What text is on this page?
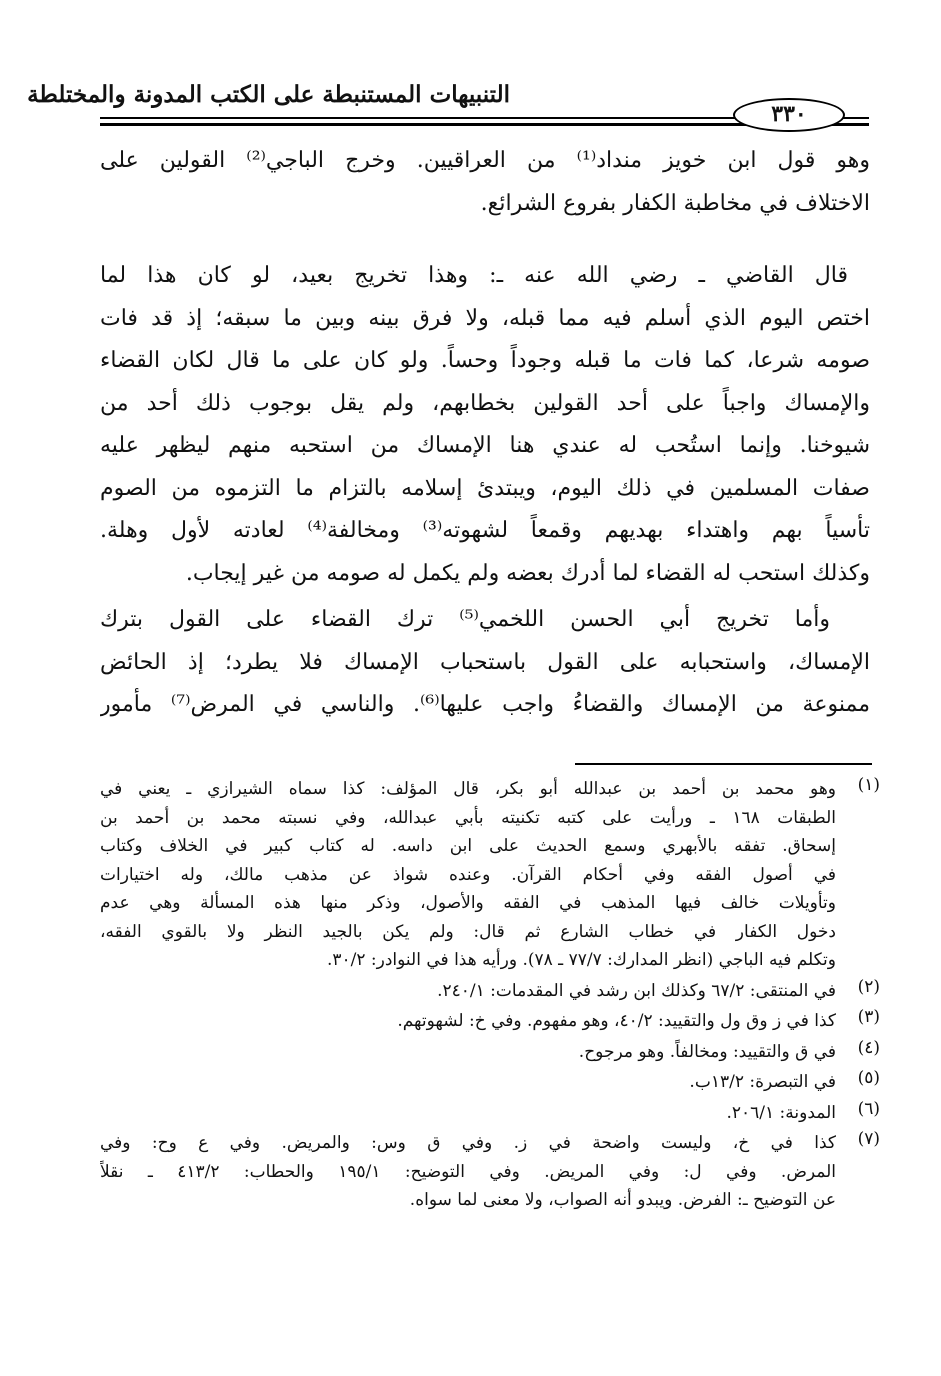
التنبيهات المستنبطة على الكتب المدونة والمختلطة
٣٣٠
وهو قول ابن خويز منداد⁽¹⁾ من العراقيين. وخرج الباجي⁽²⁾ القولين على
الاختلاف في مخاطبة الكفار بفروع الشرائع.
قال القاضي ـ رضي الله عنه ـ: وهذا تخريج بعيد، لو كان هذا لما
اختص اليوم الذي أسلم فيه مما قبله، ولا فرق بينه وبين ما سبقه؛ إذ قد فات
صومه شرعا، كما فات ما قبله وجوداً وحساً. ولو كان على ما قال لكان القضاء
والإمساك واجباً على أحد القولين بخطابهم، ولم يقل بوجوب ذلك أحد من
شيوخنا. وإنما استُحب له عندي هنا الإمساك من استحبه منهم ليظهر عليه
صفات المسلمين في ذلك اليوم، ويبتدئ إسلامه بالتزام ما التزموه من الصوم
تأسياً بهم واهتداء بهديهم وقمعاً لشهوته⁽³⁾ ومخالفة⁽⁴⁾ لعادته لأول وهلة.
وكذلك استحب له القضاء لما أدرك بعضه ولم يكمل له صومه من غير إيجاب.
وأما تخريج أبي الحسن اللخمي⁽⁵⁾ ترك القضاء على القول بترك
الإمساك، واستحبابه على القول باستحباب الإمساك فلا يطرد؛ إذ الحائض
ممنوعة من الإمساك والقضاءُ واجب عليها⁽⁶⁾. والناسي في المرض⁽⁷⁾ مأمور
(١)
وهو محمد بن أحمد بن عبدالله أبو بكر، قال المؤلف: كذا سماه الشيرازي ـ يعني في
الطبقات ١٦٨ ـ ورأيت على كتبه تكنيته بأبي عبدالله، وفي نسبته محمد بن أحمد بن
إسحاق. تفقه بالأبهري وسمع الحديث على ابن داسه. له كتاب كبير في الخلاف وكتاب
في أصول الفقه وفي أحكام القرآن. وعنده شواذ عن مذهب مالك، وله اختيارات
وتأويلات خالف فيها المذهب في الفقه والأصول، وذكر منها هذه المسألة وهي عدم
دخول الكفار في خطاب الشارع ثم قال: ولم يكن بالجيد النظر ولا بالقوي الفقه،
وتكلم فيه الباجي (انظر المدارك: ٧٧/٧ ـ ٧٨). ورأيه هذا في النوادر: ٣٠/٢.
(٢)
في المنتقى: ٦٧/٢ وكذلك ابن رشد في المقدمات: ٢٤٠/١.
(٣)
كذا في ز وق ول والتقييد: ٤٠/٢، وهو مفهوم. وفي خ: لشهوتهم.
(٤)
في ق والتقييد: ومخالفاً. وهو مرجوح.
(٥)
في التبصرة: ١٣/٢ب.
(٦)
المدونة: ٢٠٦/١.
(٧)
كذا في خ، وليست واضحة في ز. وفي ق وس: والمريض. وفي ع وح: وفي
المرض. وفي ل: وفي المريض. وفي التوضيح: ١٩٥/١ والحطاب: ٤١٣/٢ ـ نقلاً
عن التوضيح ـ: الفرض. ويبدو أنه الصواب، ولا معنى لما سواه.
